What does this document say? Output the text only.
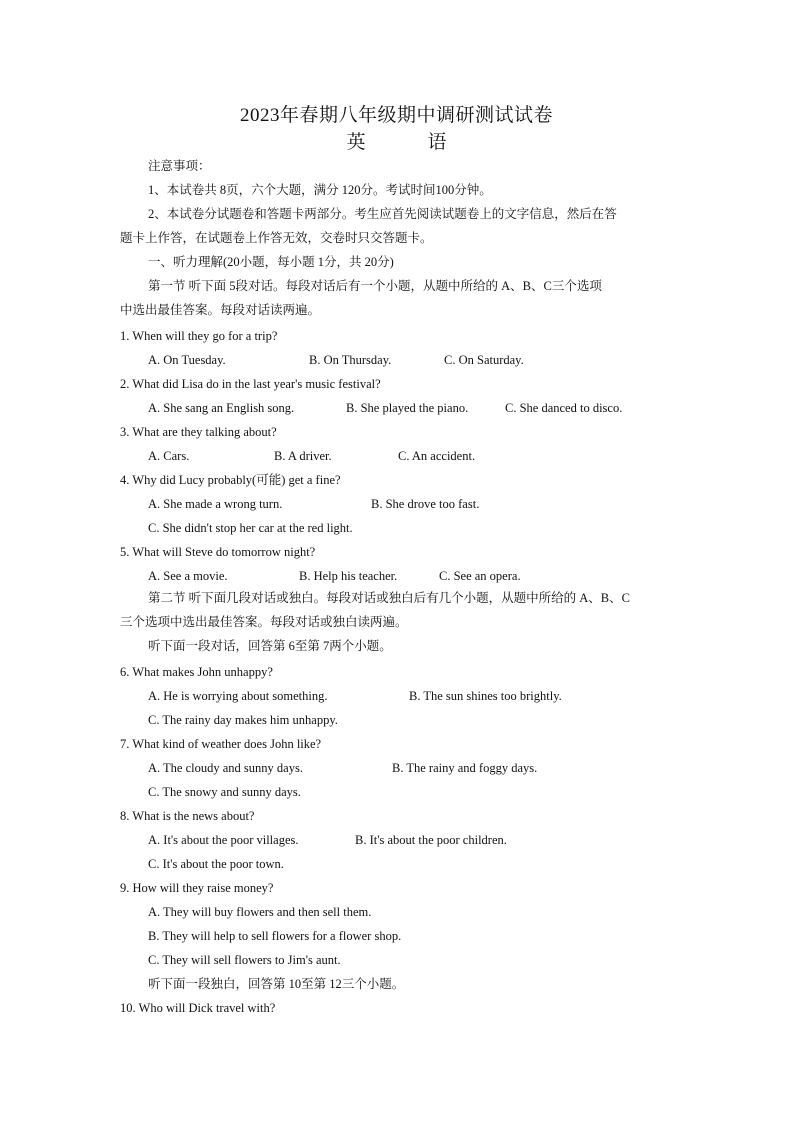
2023年春期八年级期中调研测试试卷
英	语
注意事项：
1、本试卷共 8页，六个大题，满分 120分。考试时间100分钟。
2、本试卷分试题卷和答题卡两部分。考生应首先阅读试题卷上的文字信息，然后在答
题卡上作答，在试题卷上作答无效，交卷时只交答题卡。
一、听力理解(20小题，每小题 1分，共 20分)
第一节 听下面 5段对话。每段对话后有一个小题，从题中所给的 A、B、C三个选项
中选出最佳答案。每段对话读两遍。
1. When will they go for a trip?
A. On Tuesday.	B. On Thursday.	C. On Saturday.
2. What did Lisa do in the last year's music festival?
A. She sang an English song.	B. She played the piano.	C. She danced to disco.
3. What are they talking about?
A. Cars.	B. A driver.	C. An accident.
4. Why did Lucy probably(可能) get a fine?
A. She made a wrong turn.	B. She drove too fast.
C. She didn't stop her car at the red light.
5. What will Steve do tomorrow night?
A. See a movie.	B. Help his teacher.	C. See an opera.
第二节 听下面几段对话或独白。每段对话或独白后有几个小题，从题中所给的 A、B、C
三个选项中选出最佳答案。每段对话或独白读两遍。
听下面一段对话，回答第 6至第 7两个小题。
6. What makes John unhappy?
A. He is worrying about something.	B. The sun shines too brightly.
C. The rainy day makes him unhappy.
7. What kind of weather does John like?
A. The cloudy and sunny days.	B. The rainy and foggy days.
C. The snowy and sunny days.
8. What is the news about?
A. It's about the poor villages.	B. It's about the poor children.
C. It's about the poor town.
9. How will they raise money?
A. They will buy flowers and then sell them.
B. They will help to sell flowers for a flower shop.
C. They will sell flowers to Jim's aunt.
听下面一段独白，回答第 10至第 12三个小题。
10. Who will Dick travel with?
